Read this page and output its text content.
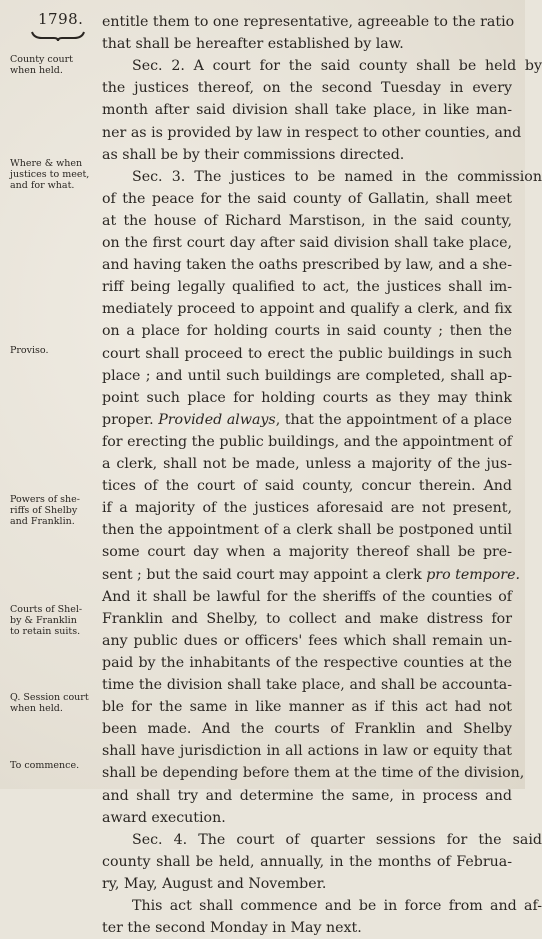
1798.
County court
when held.
Where & when
justices to meet,
and for what.
Proviso.
Powers of she-
riffs of Shelby
and Franklin.
Courts of Shel-
by & Franklin
to retain suits.
Q. Session court
when held.
To commence.
entitle them to one representative, agreeable to the ratio
that shall be hereafter established by law.
Sec. 2. A court for the said county shall be held by
the justices thereof, on the second Tuesday in every
month after said division shall take place, in like man-
ner as is provided by law in respect to other counties, and
as shall be by their commissions directed.
Sec. 3. The justices to be named in the commission
of the peace for the said county of Gallatin, shall meet
at the house of Richard Marstison, in the said county,
on the first court day after said division shall take place,
and having taken the oaths prescribed by law, and a she-
riff being legally qualified to act, the justices shall im-
mediately proceed to appoint and qualify a clerk, and fix
on a place for holding courts in said county ; then the
court shall proceed to erect the public buildings in such
place ; and until such buildings are completed, shall ap-
point such place for holding courts as they may think
proper. Provided always, that the appointment of a place
for erecting the public buildings, and the appointment of
a clerk, shall not be made, unless a majority of the jus-
tices of the court of said county, concur therein. And
if a majority of the justices aforesaid are not present,
then the appointment of a clerk shall be postponed until
some court day when a majority thereof shall be pre-
sent ; but the said court may appoint a clerk pro tempore.
And it shall be lawful for the sheriffs of the counties of
Franklin and Shelby, to collect and make distress for
any public dues or officers' fees which shall remain un-
paid by the inhabitants of the respective counties at the
time the division shall take place, and shall be accounta-
ble for the same in like manner as if this act had not
been made. And the courts of Franklin and Shelby
shall have jurisdiction in all actions in law or equity that
shall be depending before them at the time of the division,
and shall try and determine the same, in process and
award execution.
Sec. 4. The court of quarter sessions for the said
county shall be held, annually, in the months of Februa-
ry, May, August and November.
This act shall commence and be in force from and af-
ter the second Monday in May next.
